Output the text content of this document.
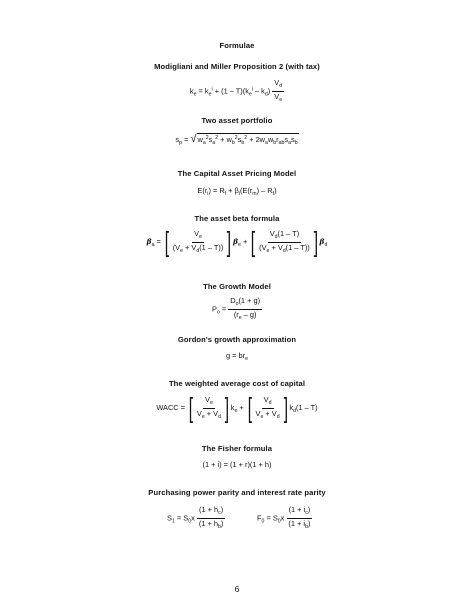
Formulae
Modigliani and Miller Proposition 2 (with tax)
$k_e = k_e^i + (1 - T)(k_e^i - k_d) \frac{V_d}{V_e}$
Two asset portfolio
$s_p = √w_a^2s_a^2 + w_b^2s_b^2 + 2w_aw_br_{ab}s_as_b$
The Capital Asset Pricing Model
$E(r_i) = R_f + \beta_i(E(r_m) - R_f)$
The asset beta formula
$\beta_a$ = [ $\frac{V_e}{(V_e + V_d(1 - T))}$ ] $\beta_e$ + [ $\frac{V_d(1 - T)}{(V_e + V_d(1 - T))}$ ] $\beta_d$
The Growth Model
$P_o = \frac{D_o(1 + g)}{(r_e - g)}$
Gordon's growth approximation
$g = br_e$
The weighted average cost of capital
WACC = [ $\frac{V_e}{V_e + V_d}$ ] $k_e$ + [ $\frac{V_d}{V_e + V_d}$ ] $k_d(1 - T)$
The Fisher formula
(1 + i) = (1 + r)(1 + h)
Purchasing power parity and interest rate parity
$S_1 = S_0x \frac{(1 + h_c)}{(1 + h_b)}$	$F_0 = S_0x \frac{(1 + i_c)}{(1 + i_b)}$
6
